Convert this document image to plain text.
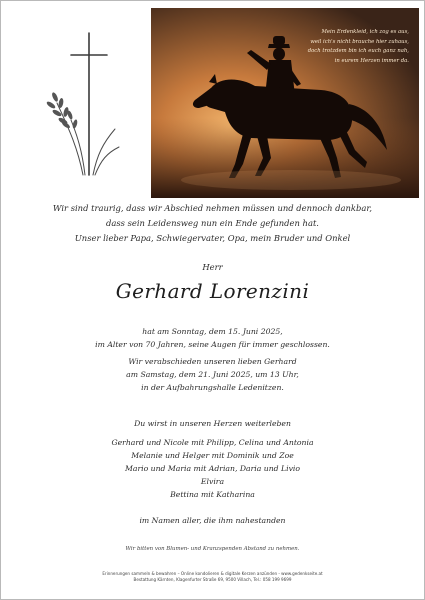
Mein Erdenkleid, ich zog es aus,
weil ich's nicht brauche hier zuhaus,
doch trotzdem bin ich euch ganz nah,
in eurem Herzen immer da.
Wir sind traurig, dass wir Abschied nehmen müssen und dennoch dankbar,
dass sein Leidensweg nun ein Ende gefunden hat.
Unser lieber Papa, Schwiegervater, Opa, mein Bruder und Onkel
Herr
Gerhard Lorenzini
hat am Sonntag, dem 15. Juni 2025,
im Alter von 70 Jahren, seine Augen für immer geschlossen.
Wir verabschieden unseren lieben Gerhard
am Samstag, dem 21. Juni 2025, um 13 Uhr,
in der Aufbahrungshalle Ledenitzen.
Du wirst in unseren Herzen weiterleben
Gerhard und Nicole mit Philipp, Celina und Antonia
Melanie und Helger mit Dominik und Zoe
Mario und Maria mit Adrian, Daria und Livio
Elvira
Bettina mit Katharina
im Namen aller, die ihm nahestanden
Wir bitten von Blumen- und Kranzspenden Abstand zu nehmen.
Erinnerungen sammeln & bewahren – Online kondolieren & digitale Kerzen anzünden - www.gedenkseite.at
Bestattung Kärnten, Klagenfurter Straße 69, 9500 Villach, Tel.: 058 199 9699
